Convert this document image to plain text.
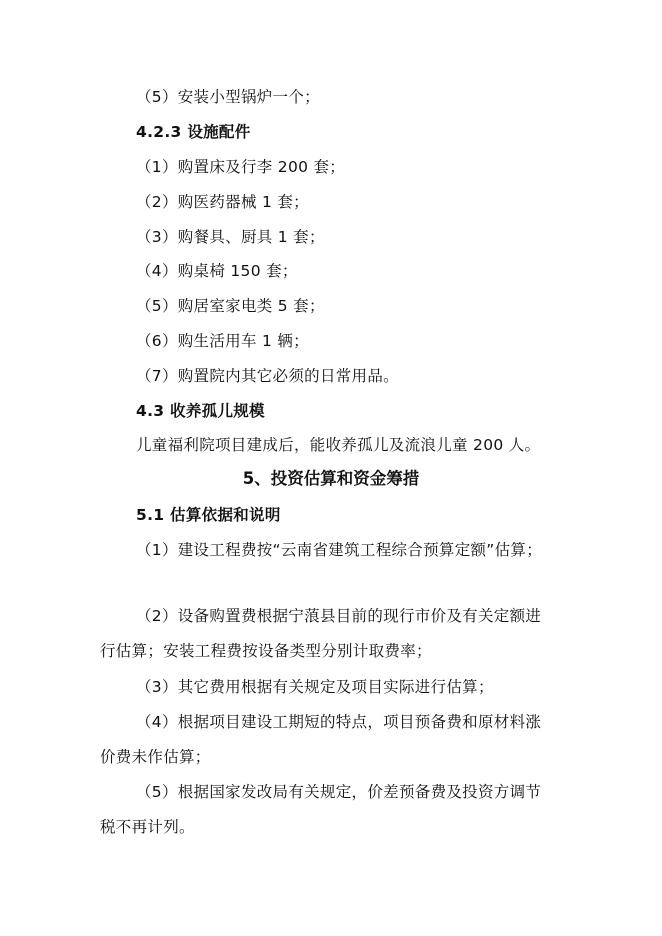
（5）安装小型锅炉一个；
4.2.3 设施配件
（1）购置床及行李 200 套；
（2）购医药器械 1 套；
（3）购餐具、厨具 1 套；
（4）购桌椅 150 套；
（5）购居室家电类 5 套；
（6）购生活用车 1 辆；
（7）购置院内其它必须的日常用品。
4.3 收养孤儿规模
儿童福利院项目建成后，能收养孤儿及流浪儿童 200 人。
5、投资估算和资金筹措
5.1 估算依据和说明
（1）建设工程费按“云南省建筑工程综合预算定额”估算；
（2）设备购置费根据宁蒗县目前的现行市价及有关定额进
行估算；安装工程费按设备类型分别计取费率；
（3）其它费用根据有关规定及项目实际进行估算；
（4）根据项目建设工期短的特点，项目预备费和原材料涨
价费未作估算；
（5）根据国家发改局有关规定，价差预备费及投资方调节
税不再计列。
